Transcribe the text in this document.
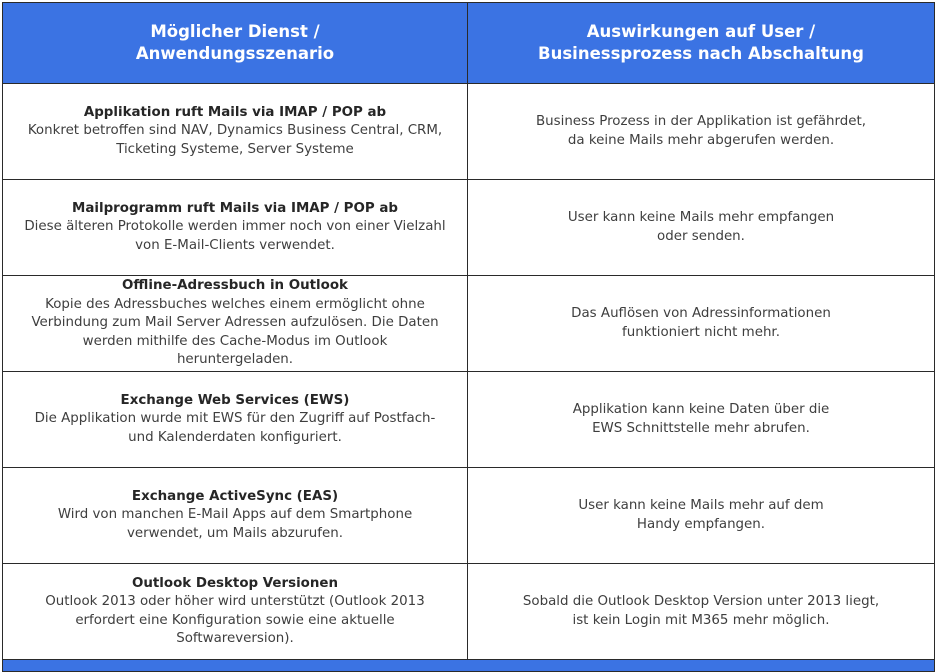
Möglicher Dienst /
Anwendungsszenario
Auswirkungen auf User /
Businessprozess nach Abschaltung
Applikation ruft Mails via IMAP / POP ab
Konkret betroffen sind NAV, Dynamics Business Central, CRM,
Ticketing Systeme, Server Systeme
Business Prozess in der Applikation ist gefährdet,
da keine Mails mehr abgerufen werden.
Mailprogramm ruft Mails via IMAP / POP ab
Diese älteren Protokolle werden immer noch von einer Vielzahl
von E-Mail-Clients verwendet.
User kann keine Mails mehr empfangen
oder senden.
Offline-Adressbuch in Outlook
Kopie des Adressbuches welches einem ermöglicht ohne
Verbindung zum Mail Server Adressen aufzulösen. Die Daten
werden mithilfe des Cache-Modus im Outlook
heruntergeladen.
Das Auflösen von Adressinformationen
funktioniert nicht mehr.
Exchange Web Services (EWS)
Die Applikation wurde mit EWS für den Zugriff auf Postfach-
und Kalenderdaten konfiguriert.
Applikation kann keine Daten über die
EWS Schnittstelle mehr abrufen.
Exchange ActiveSync (EAS)
Wird von manchen E-Mail Apps auf dem Smartphone
verwendet, um Mails abzurufen.
User kann keine Mails mehr auf dem
Handy empfangen.
Outlook Desktop Versionen
Outlook 2013 oder höher wird unterstützt (Outlook 2013
erfordert eine Konfiguration sowie eine aktuelle
Softwareversion).
Sobald die Outlook Desktop Version unter 2013 liegt,
ist kein Login mit M365 mehr möglich.
